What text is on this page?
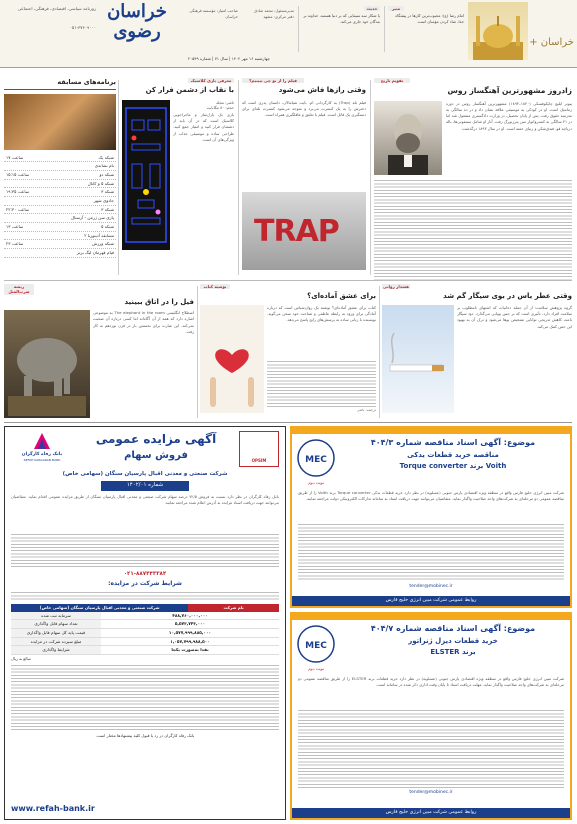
روزنامه سیاسی، اقتصادی، فرهنگی، اجتماعی
۰۵۱-۳۷۶۰۹۰۰۰
خراسان رضوی
چهارشنبه ۱۶ مهر ۱۴۰۲ | سال ۷۱ | شماره ۲۰۵۴۹
صاحب امتیاز: مؤسسه فرهنگی خراسان
مدیرمسئول: محمد صادق
دفتر مرکزی: مشهد
حدیث
یا شکار سه سیمایی که بر دنیا هستند، خداوند بر بندگان خود جاری می‌کند.
منبر
امام رضا (ع): محبوب‌ترین کارها در پیشگاه خدا، شاد کردن مؤمنان است.
خراسان +
برنامه‌های مسابقه
شبکه یک
ساعت ۱۷
نام نشانه‌ی
شبکه دو
ساعت ۱۵:۱۵
شبکه ۵ و کانال
شبکه ۳
ساعت ۱۹:۳۵
جادوی شهر
شبکه ۳
ساعت ۲۲:۳۰
پاری سن ژرمن - آرسنال
شبکه ۵
ساعت ۱۳
مسابقه آدیتوریا ۲
شبکه ورزش
ساعت ۲۳
قیام قهرمان لیگ برتر
معرفی بازی کلاسیک
با نقاب از دشمن فرار کن
ناشر: مجله
حجم: ۸۰ مگابایت
بازی یک پازل‌ساز و ماجراجویی کلاسیک است که در آن باید از دشمنان فرار کنید و امتیاز جمع کنید. طراحی ساده و موسیقی جذاب از ویژگی‌های آن است.
فیلم را از نو چی ببینیم؟
وقتی رازها فاش می‌شود
فیلم تله (Trap) به کارگردانی ام. نایت شیامالان، داستان پدری است که دخترش را به یک کنسرت می‌برد و متوجه می‌شود کنسرت تله‌ای برای دستگیری یک قاتل است. فیلم با تعلیق و غافلگیری همراه است.
TRAP
تقویم تاریخ
زادروز مشهورترین آهنگساز روس
پیوتر ایلیچ چایکوفسکی (۱۸۴۰–۱۸۹۳) مشهورترین آهنگساز روس در دوره رمانتیک است. او در کودکی به موسیقی علاقه نشان داد و در ده سالگی به مدرسه حقوق رفت. پس از پایان تحصیل، در وزارت دادگستری مشغول شد اما در ۲۱ سالگی به کنسرواتوار سن پترزبورگ رفت. آثار او شامل سمفونی‌ها، باله دریاچه قو، فندق‌شکن و زیبای خفته است. او در سال ۱۸۹۳ درگذشت.
ریشه ضرب‌المثل
فیل را در اتاق ببینید
اصطلاح انگلیسی The elephant in the room به موضوعی اشاره دارد که همه از آن آگاه‌اند اما کسی درباره آن صحبت نمی‌کند. این عبارت برای نخستین بار در قرن نوزدهم به کار رفت.
توصیه کتاب
برای عشق آماده‌ای؟
کتاب برای عشق آماده‌ای؟ نوشته یک روان‌شناس است که درباره آمادگی برای ورود به رابطه عاطفی و شناخت خود سخن می‌گوید. نویسنده با زبانی ساده به پرسش‌های رایج پاسخ می‌دهد.
ترجمه: ناشر
هشدار روانی
وقتی عطر یاس در بوی سیگار گم شد
گروه پژوهش سلامت: از آن جمله دخانیات که اشتهای نامطلوب بر سلامت افراد دارد، تأثیری است که بر حس بویایی می‌گذارد. دود سیگار باعث کاهش تدریجی توانایی تشخیص بوها می‌شود و ترک آن به بهبود این حس کمک می‌کند.
OPSIM
آگهی مزایده عمومی
فروش سهام
بانک رفاه کارگران
REFAH KARGARAN BANK
شرکت صنعتی و معدنی اقبال پارسیان سنگان (سهامی خاص)
شماره ۱۴۰۲/۰۱
بانک رفاه کارگران در نظر دارد نسبت به فروش ۷۲/۵ درصد سهام شرکت صنعتی و معدنی اقبال پارسیان سنگان از طریق مزایده عمومی اقدام نماید. متقاضیان می‌توانند جهت دریافت اسناد مزایده به آدرس اعلام شده مراجعه نمایند.
۰۲۱-۸۸۷۴۴۳۳۸۴
شرایط شرکت در مزایده:
نام شرکت
شرکت صنعتی و معدنی اقبال پارسیان سنگان (سهامی خاص)
۴۸۸,۷۶۰,۰۰۰,۰۰۰
سرمایه ثبت شده
۵,۵۷۳,۷۴۳,۰۰۰
تعداد سهام قابل واگذاری
۱۰,۵۷۷,۹۹۹,۸۸۵,۰۰۰
قیمت پایه کل سهام قابل واگذاری
۱,۰۵۷,۷۹۹,۹۸۸,۵۰۰
مبلغ سپرده شرکت در مزایده
نقدا به‌صورت یکجا
شرایط واگذاری
مبالغ به ریال
بانک رفاه کارگران در رد یا قبول کلیه پیشنهادها مختار است.
www.refah-bank.ir
موضوع: آگهی اسناد مناقصه شماره ۴۰۴/۳
مناقصه خرید قطعات یدکی
Voith برند Torque converter
MEC
نوبت دوم
شرکت مبین انرژی خلیج فارس واقع در منطقه ویژه اقتصادی پارس جنوبی (عسلویه) در نظر دارد خرید قطعات یدکی Torque converter برند Voith را از طریق مناقصه عمومی دو مرحله‌ای به شرکت‌های واجد صلاحیت واگذار نماید. متقاضیان می‌توانند جهت دریافت اسناد به سامانه تدارکات الکترونیکی دولت مراجعه نمایند.
tender@mobinec.ir
روابط عمومی شرکت مبین انرژی خلیج فارس
موضوع: آگهی اسناد مناقصه شماره ۴۰۴/۷
خرید قطعات دیزل ژنراتور
برند ELSTER
MEC
نوبت دوم
شرکت مبین انرژی خلیج فارس واقع در منطقه ویژه اقتصادی پارس جنوبی (عسلویه) در نظر دارد خرید قطعات برند ELSTER را از طریق مناقصه عمومی دو مرحله‌ای به شرکت‌های واجد صلاحیت واگذار نماید. مهلت دریافت اسناد تا پایان وقت اداری ذکر شده در سامانه است.
tender@mobinec.ir
روابط عمومی شرکت مبین انرژی خلیج فارس
